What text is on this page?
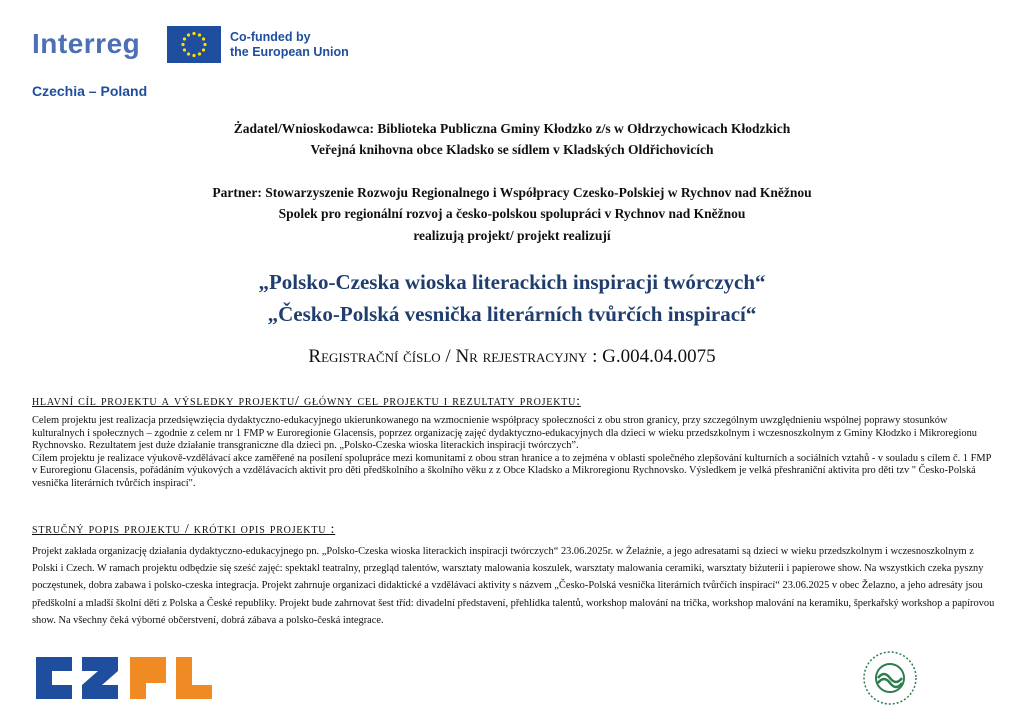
Interreg	Co-funded by
the European Union
Czechia – Poland
Żadatel/Wnioskodawca: Biblioteka Publiczna Gminy Kłodzko z/s w Ołdrzychowicach Kłodzkich
Veřejná knihovna obce Kladsko se sídlem v Kladských Oldřichovicích
Partner: Stowarzyszenie Rozwoju Regionalnego i Współpracy Czesko-Polskiej w Rychnov nad Kněžnou
Spolek pro regionální rozvoj a česko-polskou spolupráci v Rychnov nad Kněžnou
realizują projekt/ projekt realizují
„Polsko-Czeska wioska literackich inspiracji twórczych“
„Česko-Polská vesnička literárních tvůrčích inspirací“
Registrační číslo / Nr rejestracyjny : G.004.04.0075
hlavní cíl projektu a výsledky projektu/ główny cel projektu i rezultaty projektu:

Celem projektu jest realizacja przedsięwzięcia dydaktyczno-edukacyjnego ukierunkowanego na wzmocnienie współpracy społeczności z obu stron granicy, przy szczególnym uwzględnieniu wspólnej poprawy stosunków kulturalnych i społecznych – zgodnie z celem nr 1 FMP w Euroregionie Glacensis, poprzez organizację zajęć dydaktyczno-edukacyjnych dla dzieci w wieku przedszkolnym i wczesnoszkolnym z Gminy Kłodzko i Mikroregionu Rychnovsko. Rezultatem jest duże działanie transgraniczne dla dzieci pn. „Polsko-Czeska wioska literackich inspiracji twórczych”.

Cílem projektu je realizace výukově-vzdělávací akce zaměřené na posílení spolupráce mezi komunitami z obou stran hranice a to zejména v oblasti společného zlepšování kulturních a sociálních vztahů - v souladu s cílem č. 1 FMP v Euroregionu Glacensis, pořádáním výukových a vzdělávacích aktivit pro děti předškolního a školního věku z z Obce Kladsko a Mikroregionu Rychnovsko. Výsledkem je velká přeshraniční aktivita pro děti tzv " Česko-Polská vesnička literárních tvůrčích inspirací".

stručný popis projektu / krótki opis projektu :

Projekt zakłada organizację działania dydaktyczno-edukacyjnego pn. „Polsko-Czeska wioska literackich inspiracji twórczych“ 23.06.2025r. w Żelaźnie, a jego adresatami są dzieci w wieku przedszkolnym i wczesnoszkolnym z Polski i Czech. W ramach projektu odbędzie się sześć zajęć: spektakl teatralny, przegląd talentów, warsztaty malowania koszulek, warsztaty malowania ceramiki, warsztaty biżuterii i papierowe show. Na wszystkich czeka pyszny poczęstunek, dobra zabawa i polsko-czeska integracja. Projekt zahrnuje organizaci didaktické a vzdělávací aktivity s názvem „Česko-Polská vesnička literárních tvůrčích inspirací“ 23.06.2025 v obec Želazno, a jeho adresáty jsou předškolní a mladší školní děti z Polska a České republiky. Projekt bude zahrnovat šest tříd: divadelní představení, přehlídka talentů, workshop malování na trička, workshop malování na keramiku, šperkařský workshop a papírovou show. Na všechny čeká výborné občerstvení, dobrá zábava a polsko-česká integrace.
